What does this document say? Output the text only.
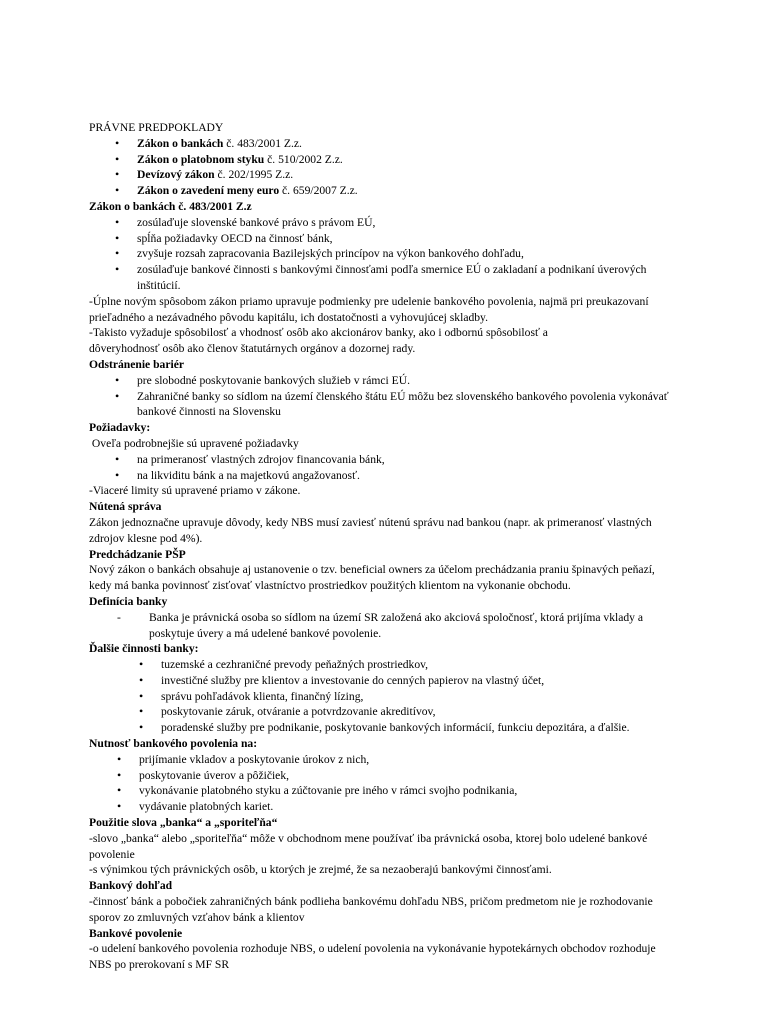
PRÁVNE PREDPOKLADY
• Zákon o bankách č. 483/2001 Z.z.
• Zákon o platobnom styku č. 510/2002 Z.z.
• Devízový zákon č. 202/1995 Z.z.
• Zákon o zavedení meny euro č. 659/2007 Z.z.
Zákon o bankách č. 483/2001 Z.z
• zosúlaďuje slovenské bankové právo s právom EÚ,
• spĺňa požiadavky OECD na činnosť bánk,
• zvyšuje rozsah zapracovania Bazilejských princípov na výkon bankového dohľadu,
• zosúlaďuje bankové činnosti s bankovými činnosťami podľa smernice EÚ o zakladaní a podnikaní úverových inštitúcií.
-Úplne novým spôsobom zákon priamo upravuje podmienky pre udelenie bankového povolenia, najmä pri preukazovaní prieľadného a nezávadného pôvodu kapitálu, ich dostatočnosti a vyhovujúcej skladby.
-Takisto vyžaduje spôsobilosť a vhodnosť osôb ako akcionárov banky, ako i odbornú spôsobilosť a dôveryhodnosť osôb ako členov štatutárnych orgánov a dozornej rady.
Odstránenie bariér
• pre slobodné poskytovanie bankových služieb v rámci EÚ.
• Zahraničné banky so sídlom na území členského štátu EÚ môžu bez slovenského bankového povolenia vykonávať bankové činnosti na Slovensku
Požiadavky:
Oveľa podrobnejšie sú upravené požiadavky
• na primeranosť vlastných zdrojov financovania bánk,
• na likviditu bánk a na majetkovú angažovanosť.
-Viaceré limity sú upravené priamo v zákone.
Nútená správa
Zákon jednoznačne upravuje dôvody, kedy NBS musí zaviesť nútenú správu nad bankou (napr. ak primeranosť vlastných zdrojov klesne pod 4%).
Predchádzanie PŠP
Nový zákon o bankách obsahuje aj ustanovenie o tzv. beneficial owners za účelom prechádzania praniu špinavých peňazí, kedy má banka povinnosť zisťovať vlastníctvo prostriedkov použitých klientom na vykonanie obchodu.
Definícia banky
- Banka je právnická osoba so sídlom na území SR založená ako akciová spoločnosť, ktorá prijíma vklady a poskytuje úvery a má udelené bankové povolenie.
Ďalšie činnosti banky:
• tuzemské a cezhraničné prevody peňažných prostriedkov,
• investičné služby pre klientov a investovanie do cenných papierov na vlastný účet,
• správu pohľadávok klienta, finančný lízing,
• poskytovanie záruk, otváranie a potvrdzovanie akreditívov,
• poradenské služby pre podnikanie, poskytovanie bankových informácií, funkciu depozitára, a ďalšie.
Nutnosť bankového povolenia na:
• prijímanie vkladov a poskytovanie úrokov z nich,
• poskytovanie úverov a pôžičiek,
• vykonávanie platobného styku a zúčtovanie pre iného v rámci svojho podnikania,
• vydávanie platobných kariet.
Použitie slova „banka“ a „sporiteľňa“
-slovo „banka“ alebo „sporiteľňa“ môže v obchodnom mene používať iba právnická osoba, ktorej bolo udelené bankové povolenie
-s výnimkou tých právnických osôb, u ktorých je zrejmé, že sa nezaoberajú bankovými činnosťami.
Bankový dohľad
-činnosť bánk a pobočiek zahraničných bánk podlieha bankovému dohľadu NBS, pričom predmetom nie je rozhodovanie sporov zo zmluvných vzťahov bánk a klientov
Bankové povolenie
-o udelení bankového povolenia rozhoduje NBS, o udelení povolenia na vykonávanie hypotekárnych obchodov rozhoduje NBS po prerokovaní s MF SR
